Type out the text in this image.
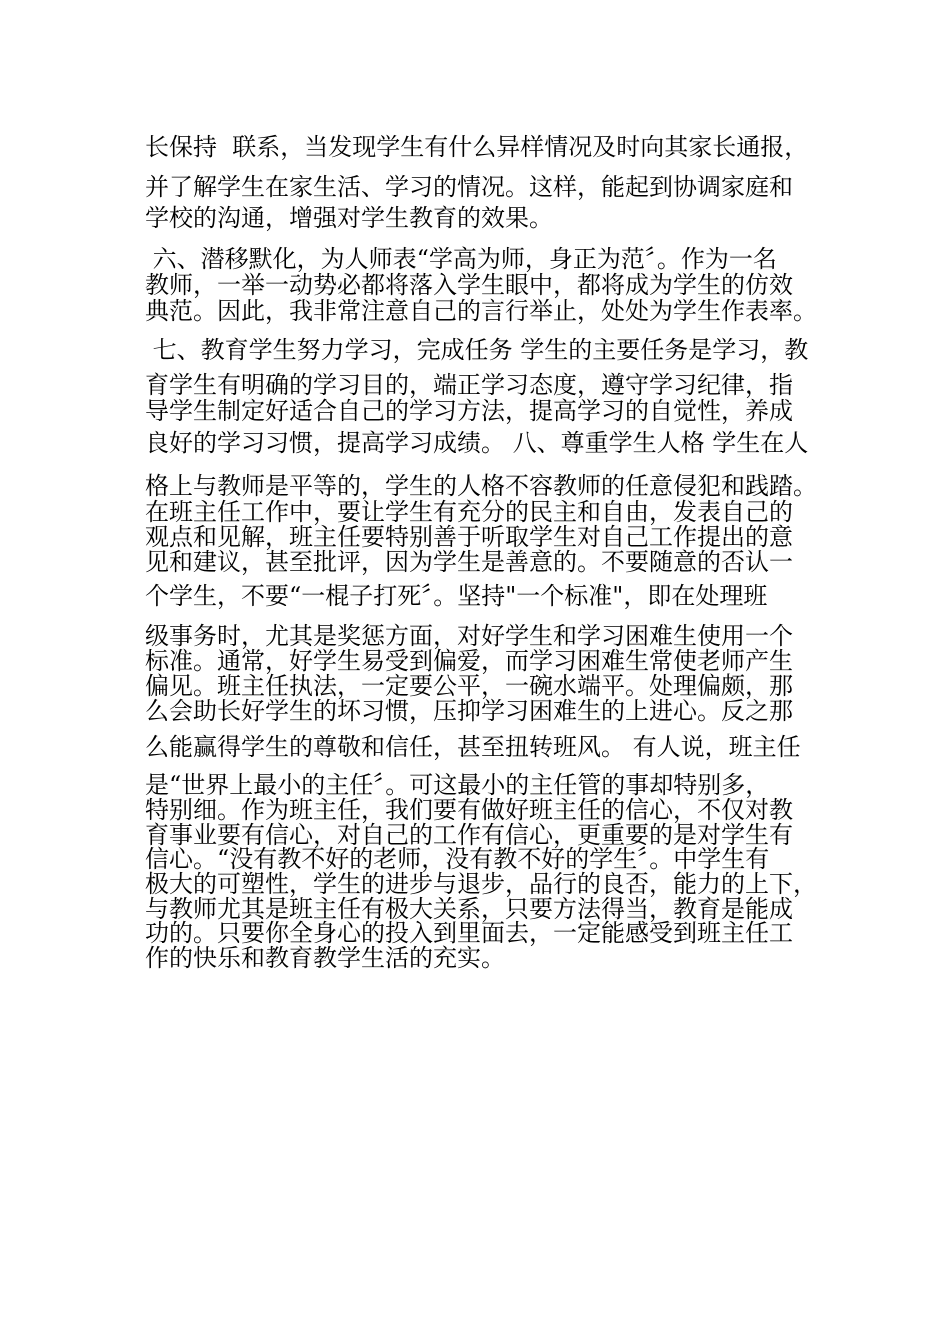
长保持  联系，当发现学生有什么异样情况及时向其家长通报，
并了解学生在家生活、学习的情况。这样，能起到协调家庭和
学校的沟通，增强对学生教育的效果。
六、潜移默化，为人师表“学高为师，身正为范〞。作为一名
教师，一举一动势必都将落入学生眼中，都将成为学生的仿效
典范。因此，我非常注意自己的言行举止，处处为学生作表率。
七、教育学生努力学习，完成任务 学生的主要任务是学习，教
育学生有明确的学习目的，端正学习态度，遵守学习纪律，指
导学生制定好适合自己的学习方法，提高学习的自觉性，养成
良好的学习习惯，提高学习成绩。 八、尊重学生人格 学生在人
格上与教师是平等的，学生的人格不容教师的任意侵犯和践踏。
在班主任工作中，要让学生有充分的民主和自由，发表自己的
观点和见解，班主任要特别善于听取学生对自己工作提出的意
见和建议，甚至批评，因为学生是善意的。不要随意的否认一
个学生，不要“一棍子打死〞。坚持"一个标准"，即在处理班
级事务时，尤其是奖惩方面，对好学生和学习困难生使用一个
标准。通常，好学生易受到偏爱，而学习困难生常使老师产生
偏见。班主任执法，一定要公平，一碗水端平。处理偏颇，那
么会助长好学生的坏习惯，压抑学习困难生的上进心。反之那
么能赢得学生的尊敬和信任，甚至扭转班风。 有人说，班主任
是“世界上最小的主任〞。可这最小的主任管的事却特别多，
特别细。作为班主任，我们要有做好班主任的信心，不仅对教
育事业要有信心，对自己的工作有信心，更重要的是对学生有
信心。“没有教不好的老师，没有教不好的学生〞。中学生有
极大的可塑性，学生的进步与退步，品行的良否，能力的上下，
与教师尤其是班主任有极大关系，只要方法得当，教育是能成
功的。只要你全身心的投入到里面去，一定能感受到班主任工
作的快乐和教育教学生活的充实。
